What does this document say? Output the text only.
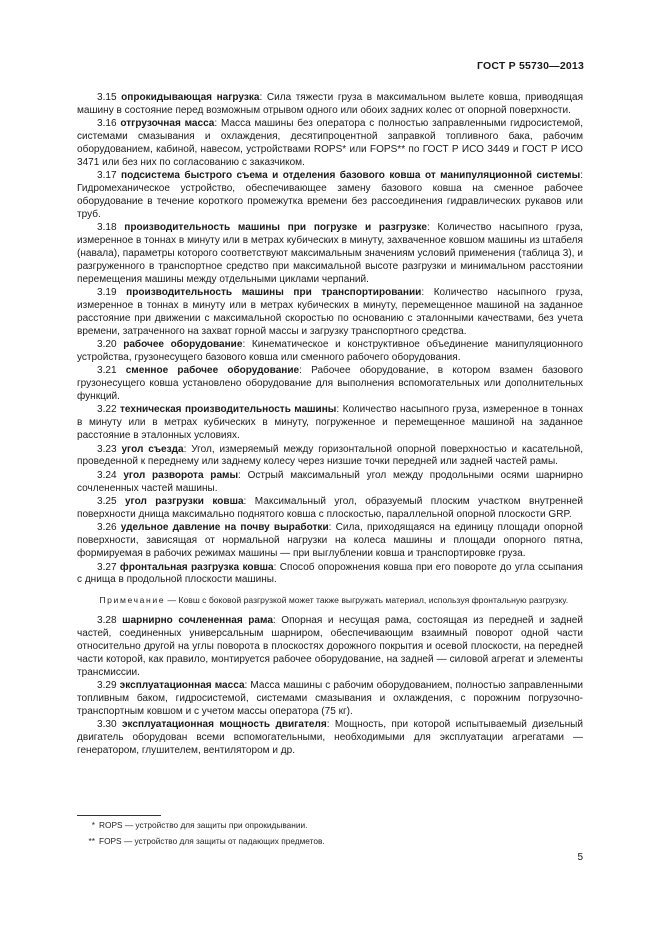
ГОСТ Р 55730—2013
3.15 опрокидывающая нагрузка: Сила тяжести груза в максимальном вылете ковша, приводящая машину в состояние перед возможным отрывом одного или обоих задних колес от опорной поверхности.
3.16 отгрузочная масса: Масса машины без оператора с полностью заправленными гидросистемой, системами смазывания и охлаждения, десятипроцентной заправкой топливного бака, рабочим оборудованием, кабиной, навесом, устройствами ROPS* или FOPS** по ГОСТ Р ИСО 3449 и ГОСТ Р ИСО 3471 или без них по согласованию с заказчиком.
3.17 подсистема быстрого съема и отделения базового ковша от манипуляционной системы: Гидромеханическое устройство, обеспечивающее замену базового ковша на сменное рабочее оборудование в течение короткого промежутка времени без рассоединения гидравлических рукавов или труб.
3.18 производительность машины при погрузке и разгрузке: Количество насыпного груза, измеренное в тоннах в минуту или в метрах кубических в минуту, захваченное ковшом машины из штабеля (навала), параметры которого соответствуют максимальным значениям условий применения (таблица 3), и разгруженного в транспортное средство при максимальной высоте разгрузки и минимальном расстоянии перемещения машины между отдельными циклами черпаний.
3.19 производительность машины при транспортировании: Количество насыпного груза, измеренное в тоннах в минуту или в метрах кубических в минуту, перемещенное машиной на заданное расстояние при движении с максимальной скоростью по основанию с эталонными качествами, без учета времени, затраченного на захват горной массы и загрузку транспортного средства.
3.20 рабочее оборудование: Кинематическое и конструктивное объединение манипуляционного устройства, грузонесущего базового ковша или сменного рабочего оборудования.
3.21 сменное рабочее оборудование: Рабочее оборудование, в котором взамен базового грузонесущего ковша установлено оборудование для выполнения вспомогательных или дополнительных функций.
3.22 техническая производительность машины: Количество насыпного груза, измеренное в тоннах в минуту или в метрах кубических в минуту, погруженное и перемещенное машиной на заданное расстояние в эталонных условиях.
3.23 угол съезда: Угол, измеряемый между горизонтальной опорной поверхностью и касательной, проведенной к переднему или заднему колесу через низшие точки передней или задней частей рамы.
3.24 угол разворота рамы: Острый максимальный угол между продольными осями шарнирно сочлененных частей машины.
3.25 угол разгрузки ковша: Максимальный угол, образуемый плоским участком внутренней поверхности днища максимально поднятого ковша с плоскостью, параллельной опорной плоскости GRP.
3.26 удельное давление на почву выработки: Сила, приходящаяся на единицу площади опорной поверхности, зависящая от нормальной нагрузки на колеса машины и площади опорного пятна, формируемая в рабочих режимах машины — при выглублении ковша и транспортировке груза.
3.27 фронтальная разгрузка ковша: Способ опорожнения ковша при его повороте до угла ссыпания с днища в продольной плоскости машины.
Примечание — Ковш с боковой разгрузкой может также выгружать материал, используя фронтальную разгрузку.
3.28 шарнирно сочлененная рама: Опорная и несущая рама, состоящая из передней и задней частей, соединенных универсальным шарниром, обеспечивающим взаимный поворот одной части относительно другой на углы поворота в плоскостях дорожного покрытия и осевой плоскости, на передней части которой, как правило, монтируется рабочее оборудование, на задней — силовой агрегат и элементы трансмиссии.
3.29 эксплуатационная масса: Масса машины с рабочим оборудованием, полностью заправленными топливным баком, гидросистемой, системами смазывания и охлаждения, с порожним погрузочно-транспортным ковшом и с учетом массы оператора (75 кг).
3.30 эксплуатационная мощность двигателя: Мощность, при которой испытываемый дизельный двигатель оборудован всеми вспомогательными, необходимыми для эксплуатации агрегатами — генератором, глушителем, вентилятором и др.
* ROPS — устройство для защиты при опрокидывании.
** FOPS — устройство для защиты от падающих предметов.
5
